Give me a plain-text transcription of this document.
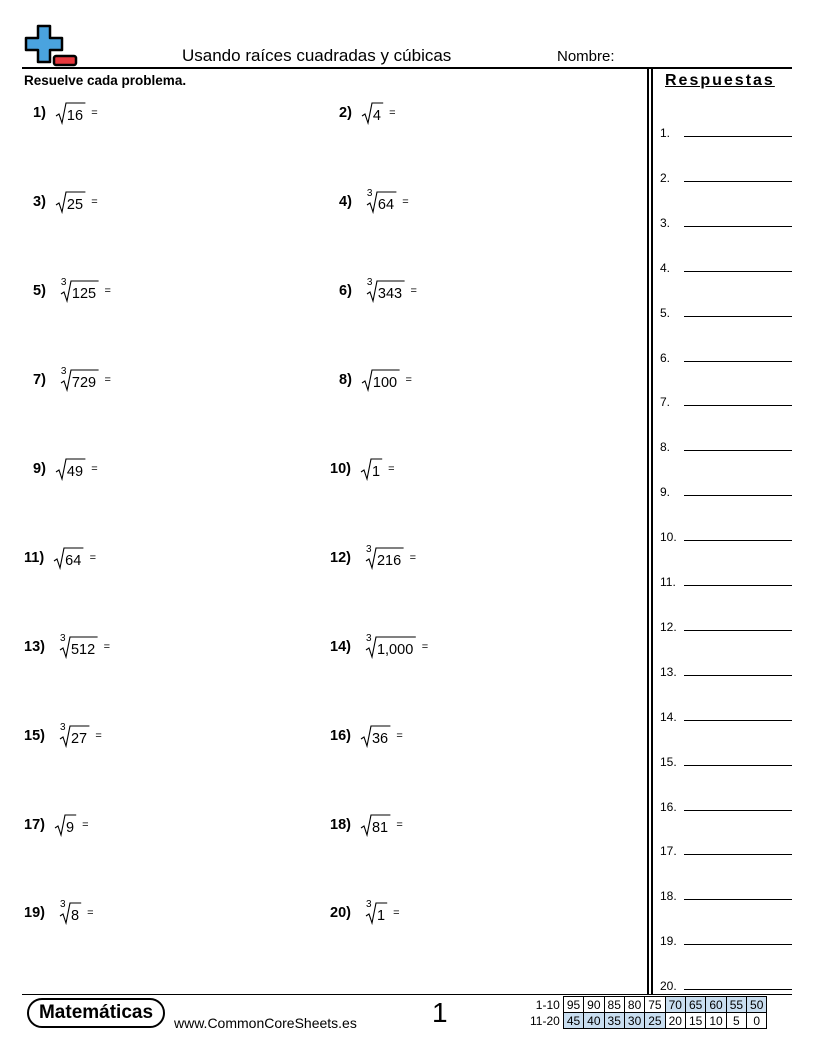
Usando raíces cuadradas y cúbicas	Nombre:
Resuelve cada problema.
1) 16 =	2) 4 =
3) 25 =	4)
3
64 =
5)
3
125 =	6)
3
343 =
7)
3
729 =	8) 100 =
9) 49 =	10) 1 =
11) 64 =	12)
3
216 =
13)
3
512 =	14)
3
1,000 =
15)
3
27 =	16) 36 =
17) 9 =	18) 81 =
19)
3
8 =	20)
3
1 =
Respuestas
1.
2.
3.
4.
5.
6.
7.
8.
9.
10.
11.
12.
13.
14.
15.
16.
17.
18.
19.
20.
Matemáticas	www.CommonCoreSheets.es	1	1-10	95	90	85	80	75	70	65	60	55	50
11-20	45	40	35	30	25	20	15	10	5	0
